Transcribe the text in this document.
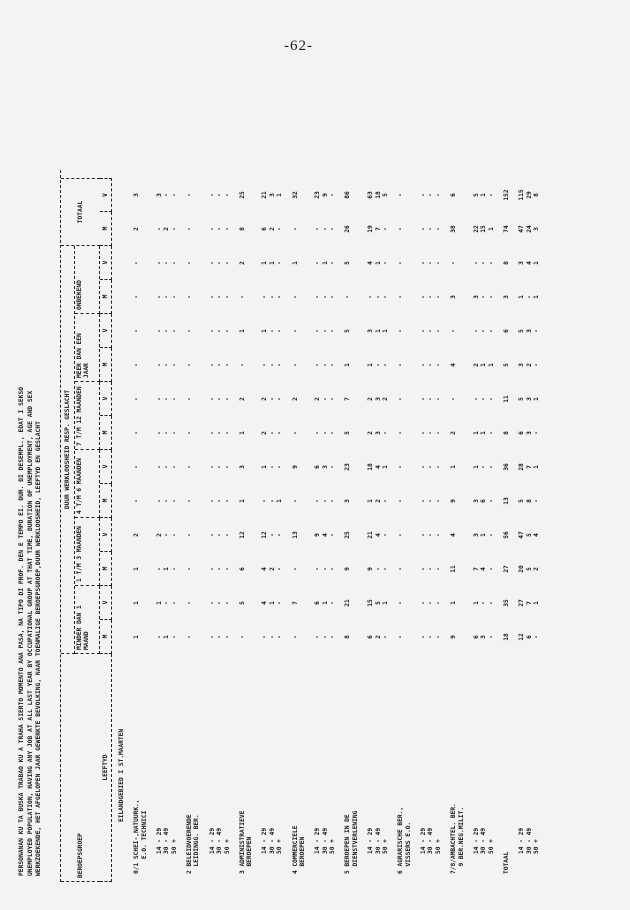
-62-
PERSONANAN KU TA BUSKA TRABAO KU A TRAHA SIERTO MOMENTO ANA PASA, NA TIPO DI PROF. DEN E TEMPO EI. DUR. DI DESEMPL., EDAT I SEKSO UNEMPLOYED POPULATION, HAVING ANY JOB AT ALL LAST YEAR BY OCCUPATIONAL GROUP AT THAT TIME, DURATION OF UNEMPLOYMENT, AGE AND SEX WERKZOEKENDE, HET AFGELOPEN JAAR GEWERKTE BEVOLKING, NAAR TOENMALIGE BEROEPSGROEP,DUUR WERKLOOSHEID, LEEFTYD EN GESLACHT	BEROEPSGROEP
DUUR WERKLOOSHEID RESP. GESLACHT
MINDER DAN 1 MAAND
1 T/M 3 MAANDEN
4 T/M 6 MAANDEN
7 T/M 12 MAANDEN
MEER DAN EEN JAAR
ONBEKEND
TOTAAL
LEEFTYD
M
V
M
V
M
V
M
V
M
V
M
V
M
V
EILANDGEBIED I ST.MAARTEN
0/1 SCHEI-,NATUURK.,
1
1
1
2
-
-
-
-
-
-
-
-
2
3
E.O. TECHNICI 14 - 29
-
1
-
2
-
-
-
-
-
-
-
-
-
3
30 - 49
1
-
1
-
-
-
-
-
-
-
-
-
2
-
50 +
-
-
-
-
-
-
-
-
-
-
-
-
-
-
2 BELEIDVOERENDE
-
-
-
-
-
-
-
-
-
-
-
-
-
-
LEIDINGG. BER. 14 - 29
-
-
-
-
-
-
-
-
-
-
-
-
-
-
30 - 49
-
-
-
-
-
-
-
-
-
-
-
-
-
-
50 +
-
-
-
-
-
-
-
-
-
-
-
-
-
-
3 ADMINISTRATIEVE
-
5
6
12
1
3
1
2
-
1
-
2
8
25
BEROEPEN 14 - 29
-
4
4
12
-
1
2
2
-
1
-
1
6
21
30 - 49
-
1
2
-
-
-
-
-
-
-
-
1
2
3
50 +
-
-
-
-
1
-
-
-
-
-
-
-
-
1
4 COMMERCIELE
-
7
-
13
-
9
-
2
-
-
-
1
-
32
BEROEPEN 14 - 29
-
6
-
9
-
6
-
2
-
-
-
-
-
23
30 - 49
-
1
-
4
-
3
-
-
-
-
-
1
-
9
50 +
-
-
-
-
-
-
-
-
-
-
-
-
-
-
5 BEROEPEN IN DE
8
21
9
25
3
23
5
7
1
5
-
5
26
86
DIENSTVERLENING 14 - 29
6
15
9
21
1
18
2
2
1
3
-
4
19
63
30 - 49
2
5
-
4
2
4
3
3
-
1
-
1
7
18
50 +
-
1
-
-
-
1
-
2
-
1
-
-
-
5
6 AGRARISCHE BER.,
-
-
-
-
-
-
-
-
-
-
-
-
-
-
VISSERS E.O. 14 - 29
-
-
-
-
-
-
-
-
-
-
-
-
-
-
30 - 49
-
-
-
-
-
-
-
-
-
-
-
-
-
-
50 +
-
-
-
-
-
-
-
-
-
-
-
-
-
-
7/8/AMBACHTEL. BER.
9
1
11
4
9
1
2
-
4
-
3
-
38
6
9 BER.NEG.MILIT. 14 - 29
6
1
7
3
3
1
1
-
2
-
3
-
22
5
30 - 49
3
-
4
1
6
-
1
-
1
-
-
-
15
1
50 +
-
-
-
-
-
-
-
-
1
-
-
-
1
-
TOTAAL
18
35
27
56
13
36
8
11
5
6
3
8
74
152
14 - 29
12
27
20
47
5
28
6
5
3
5
1
3
47
115
30 - 49
6
7
5
5
8
7
3
3
2
3
-
4
24
29
50 +
-
1
2
4
-
1
-
1
-
-
1
1
3
8
